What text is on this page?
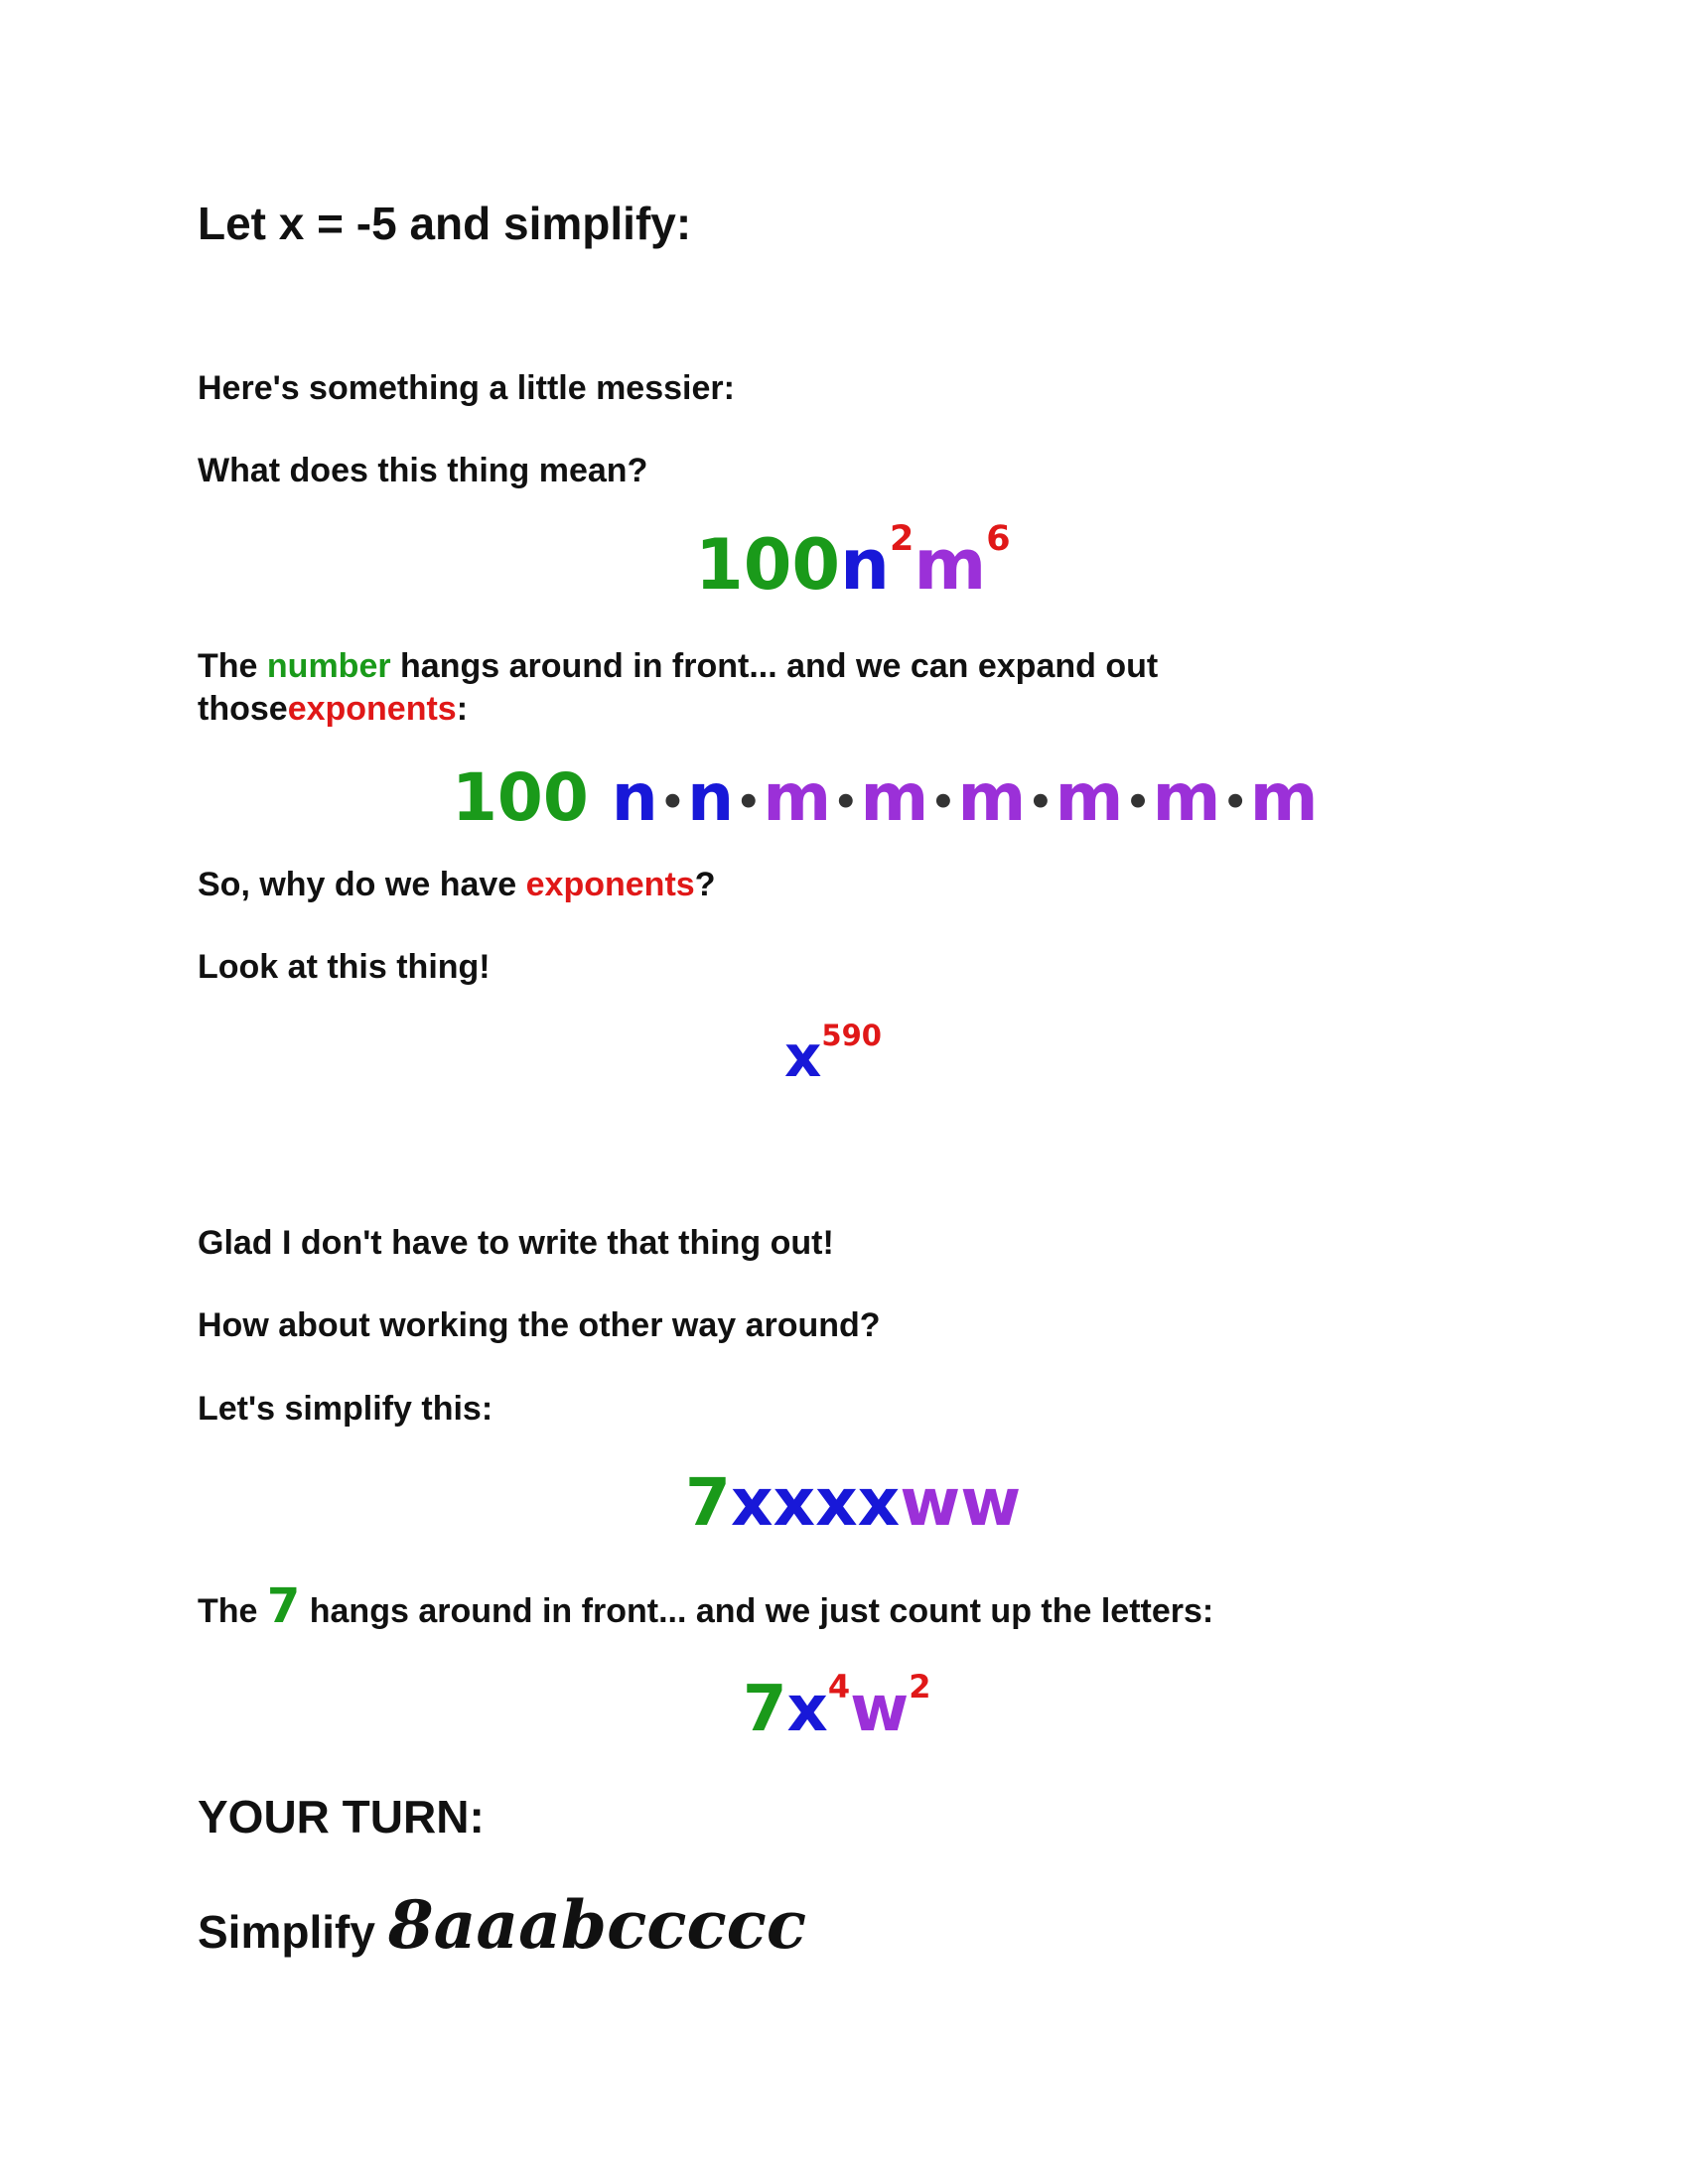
Let x = -5 and simplify:

Here's something a little messier:

What does this thing mean?

$100n^2m^6$

The number hangs around in front... and we can expand out

thoseexponents:

100 n•n•m•m•m•m•m•m

So, why do we have exponents?

Look at this thing!

$x^{590}$

Glad I don't have to write that thing out!

How about working the other way around?

Let's simplify this:

7xxxxww

The 7 hangs around in front... and we just count up the letters:

$7x^4w^2$
YOUR TURN:
Simplify 8aaabccccc
